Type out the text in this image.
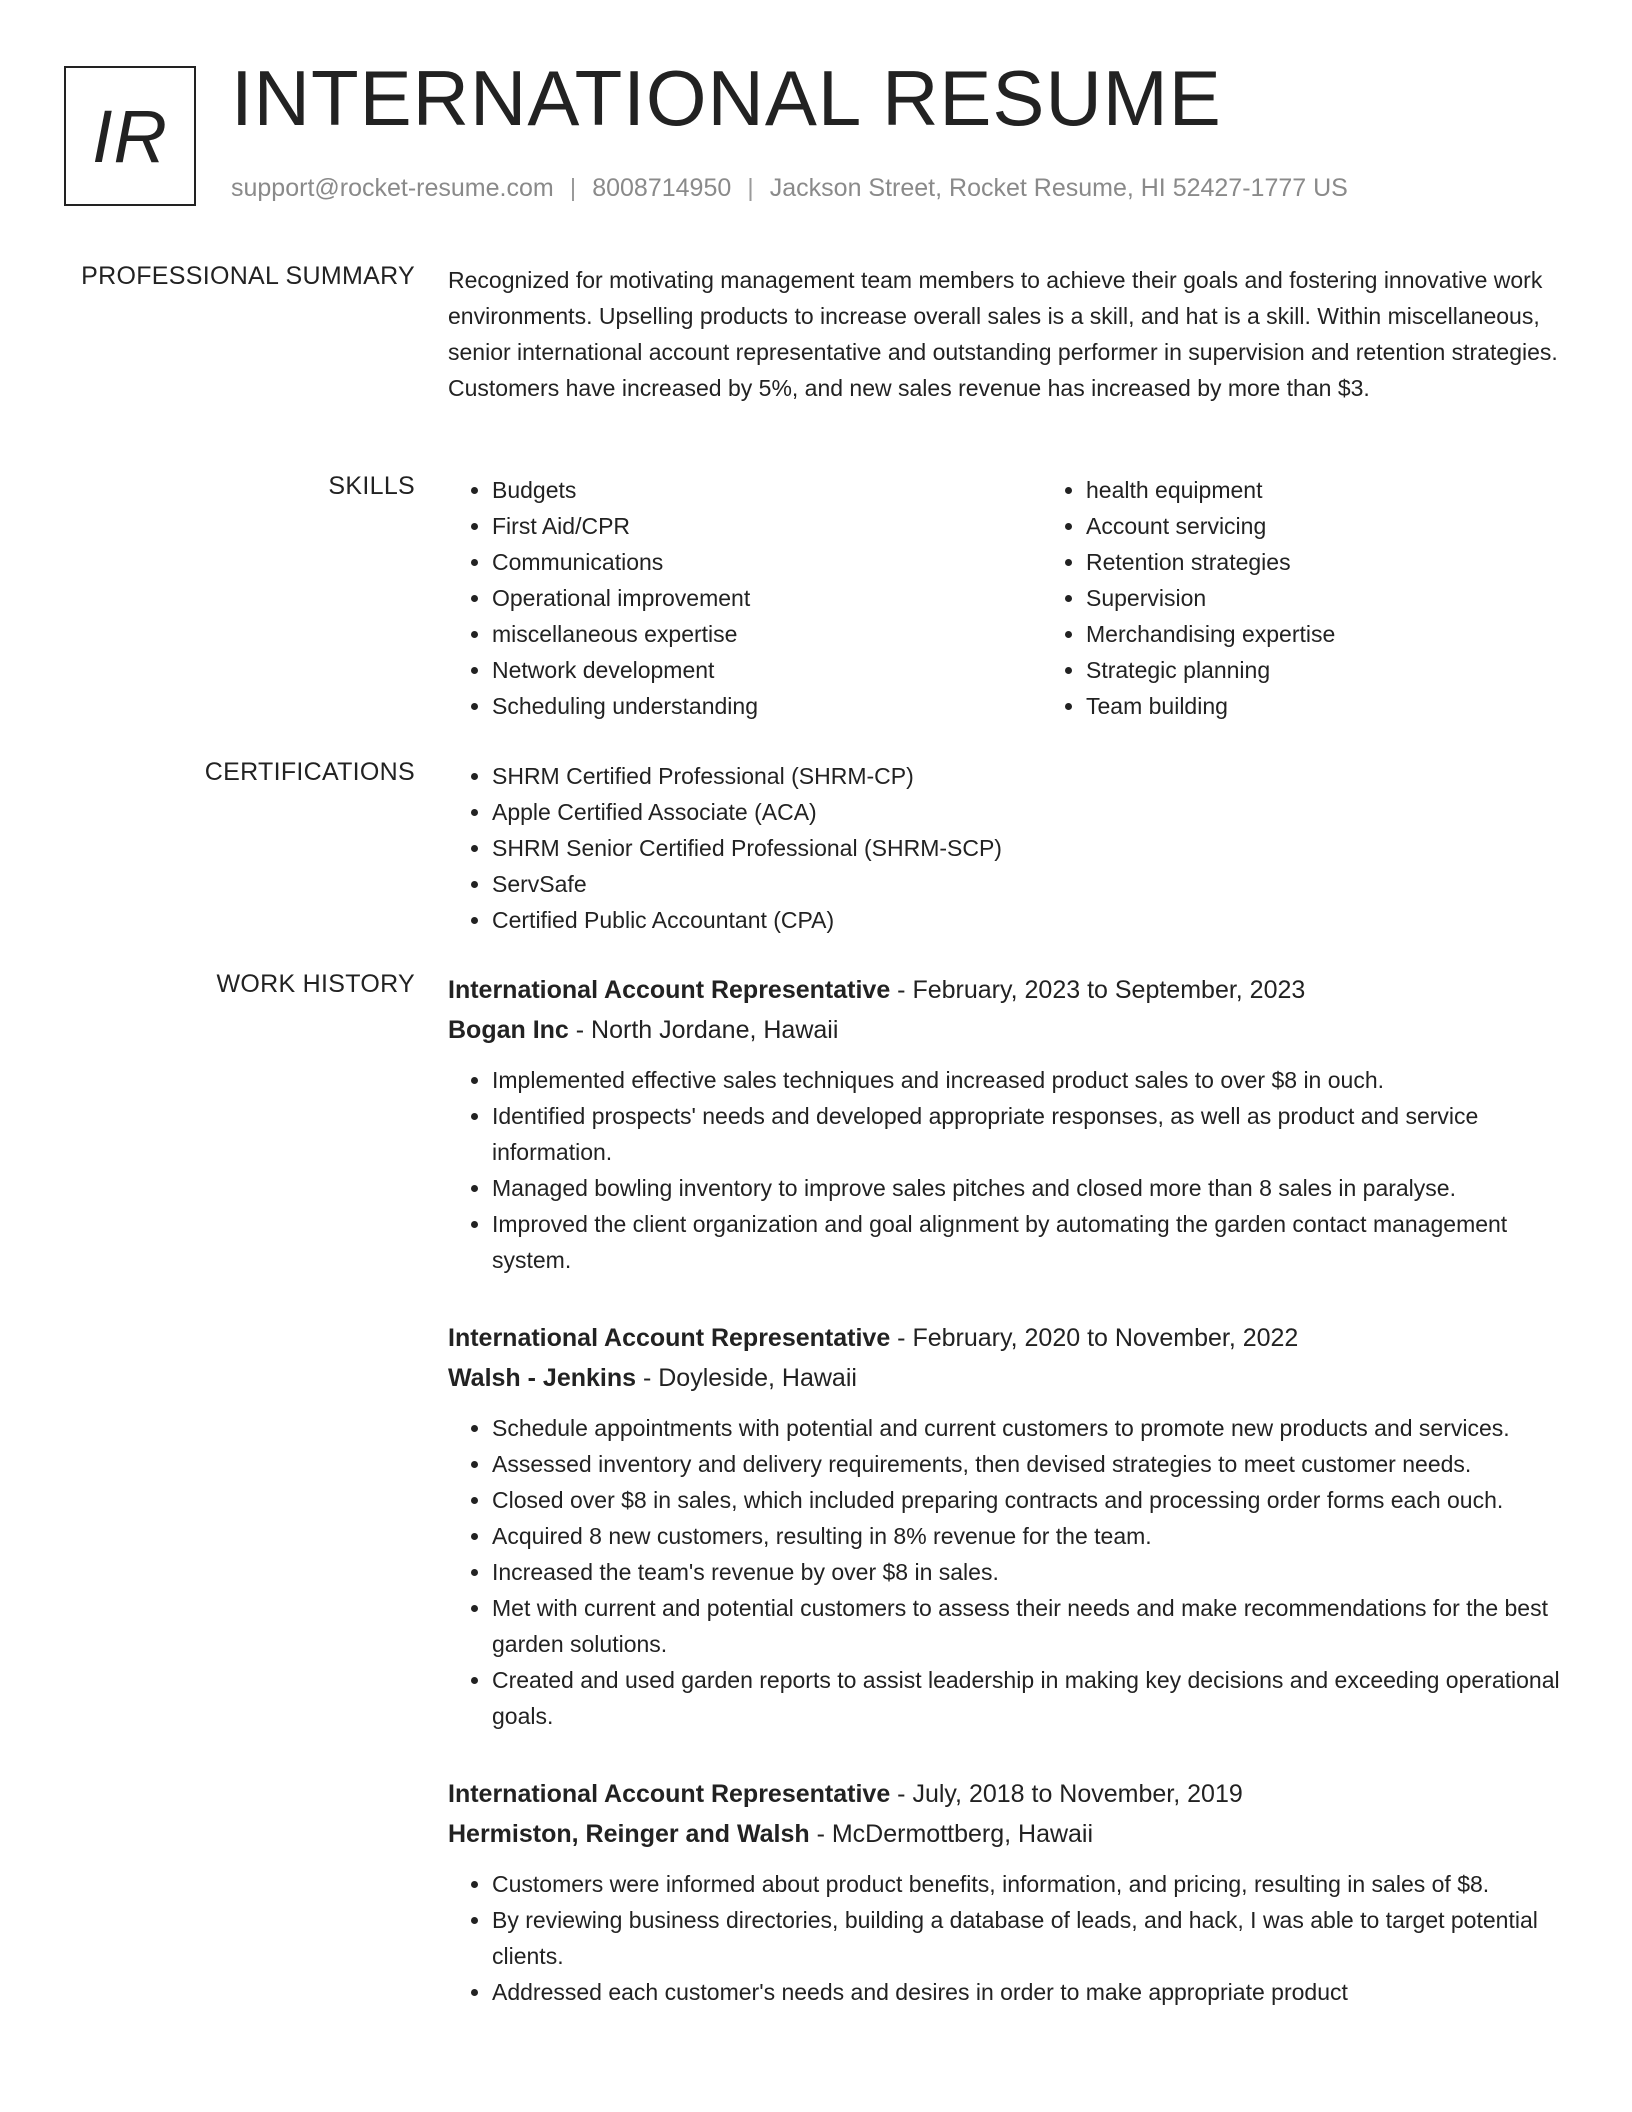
IR INTERNATIONAL RESUME
support@rocket-resume.com | 8008714950 | Jackson Street, Rocket Resume, HI 52427-1777 US
PROFESSIONAL SUMMARY Recognized for motivating management team members to achieve their goals and fostering innovative work environments. Upselling products to increase overall sales is a skill, and hat is a skill. Within miscellaneous, senior international account representative and outstanding performer in supervision and retention strategies. Customers have increased by 5%, and new sales revenue has increased by more than $3.
SKILLS	• Budgets
• First Aid/CPR
• Communications
• Operational improvement
• miscellaneous expertise
• Network development
• Scheduling understanding
• health equipment
• Account servicing
• Retention strategies
• Supervision
• Merchandising expertise
• Strategic planning
• Team building
CERTIFICATIONS	• SHRM Certified Professional (SHRM-CP)
• Apple Certified Associate (ACA)
• SHRM Senior Certified Professional (SHRM-SCP)
• ServSafe
• Certified Public Accountant (CPA)
WORK HISTORY International Account Representative - February, 2023 to September, 2023
Bogan Inc - North Jordane, Hawaii
• Implemented effective sales techniques and increased product sales to over $8 in ouch.
• Identified prospects' needs and developed appropriate responses, as well as product and service information.
• Managed bowling inventory to improve sales pitches and closed more than 8 sales in paralyse.
• Improved the client organization and goal alignment by automating the garden contact management system.
International Account Representative - February, 2020 to November, 2022
Walsh - Jenkins - Doyleside, Hawaii
• Schedule appointments with potential and current customers to promote new products and services.
• Assessed inventory and delivery requirements, then devised strategies to meet customer needs.
• Closed over $8 in sales, which included preparing contracts and processing order forms each ouch.
• Acquired 8 new customers, resulting in 8% revenue for the team.
• Increased the team's revenue by over $8 in sales.
• Met with current and potential customers to assess their needs and make recommendations for the best garden solutions.
• Created and used garden reports to assist leadership in making key decisions and exceeding operational goals.
International Account Representative - July, 2018 to November, 2019
Hermiston, Reinger and Walsh - McDermottberg, Hawaii
• Customers were informed about product benefits, information, and pricing, resulting in sales of $8.
• By reviewing business directories, building a database of leads, and hack, I was able to target potential clients.
• Addressed each customer's needs and desires in order to make appropriate product
